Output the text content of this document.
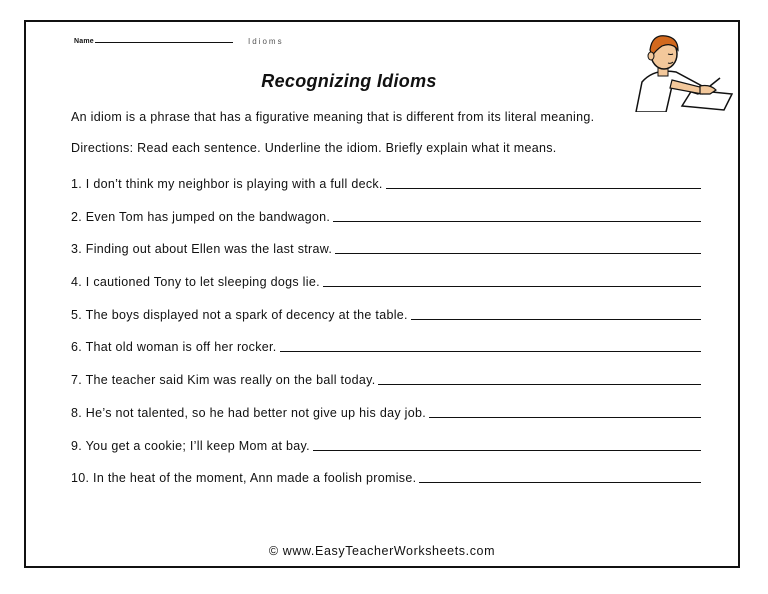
Name	Idioms
Recognizing Idioms
An idiom is a phrase that has a figurative meaning that is different from its literal meaning.
Directions: Read each sentence. Underline the idiom. Briefly explain what it means.
1. I don’t think my neighbor is playing with a full deck.
2. Even Tom has jumped on the bandwagon.
3. Finding out about Ellen was the last straw.
4. I cautioned Tony to let sleeping dogs lie.
5. The boys displayed not a spark of decency at the table.
6. That old woman is off her rocker.
7. The teacher said Kim was really on the ball today.
8. He’s not talented, so he had better not give up his day job.
9. You get a cookie; I’ll keep Mom at bay.
10. In the heat of the moment, Ann made a foolish promise.
© www.EasyTeacherWorksheets.com
